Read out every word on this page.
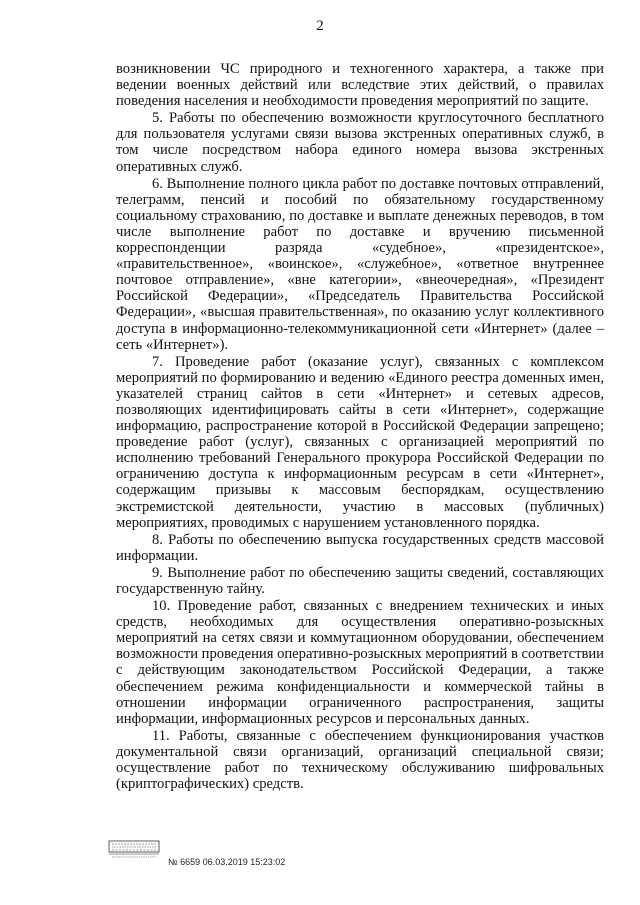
2

возникновении ЧС природного и техногенного характера, а также при ведении военных действий или вследствие этих действий, о правилах поведения населения и необходимости проведения мероприятий по защите.

5. Работы по обеспечению возможности круглосуточного бесплатного для пользователя услугами связи вызова экстренных оперативных служб, в том числе посредством набора единого номера вызова экстренных оперативных служб.

6. Выполнение полного цикла работ по доставке почтовых отправлений, телеграмм, пенсий и пособий по обязательному государственному социальному страхованию, по доставке и выплате денежных переводов, в том числе выполнение работ по доставке и вручению письменной корреспонденции разряда «судебное», «президентское», «правительственное», «воинское», «служебное», «ответное внутреннее почтовое отправление», «вне категории», «внеочередная», «Президент Российской Федерации», «Председатель Правительства Российской Федерации», «высшая правительственная», по оказанию услуг коллективного доступа в информационно-телекоммуникационной сети «Интернет» (далее – сеть «Интернет»).

7. Проведение работ (оказание услуг), связанных с комплексом мероприятий по формированию и ведению «Единого реестра доменных имен, указателей страниц сайтов в сети «Интернет» и сетевых адресов, позволяющих идентифицировать сайты в сети «Интернет», содержащие информацию, распространение которой в Российской Федерации запрещено; проведение работ (услуг), связанных с организацией мероприятий по исполнению требований Генерального прокурора Российской Федерации по ограничению доступа к информационным ресурсам в сети «Интернет», содержащим призывы к массовым беспорядкам, осуществлению экстремистской деятельности, участию в массовых (публичных) мероприятиях, проводимых с нарушением установленного порядка.

8. Работы по обеспечению выпуска государственных средств массовой информации.

9. Выполнение работ по обеспечению защиты сведений, составляющих государственную тайну.

10. Проведение работ, связанных с внедрением технических и иных средств, необходимых для осуществления оперативно-розыскных мероприятий на сетях связи и коммутационном оборудовании, обеспечением возможности проведения оперативно-розыскных мероприятий в соответствии с действующим законодательством Российской Федерации, а также обеспечением режима конфиденциальности и коммерческой тайны в отношении информации ограниченного распространения, защиты информации, информационных ресурсов и персональных данных.

11. Работы, связанные с обеспечением функционирования участков документальной связи организаций, организаций специальной связи; осуществление работ по техническому обслуживанию шифровальных (криптографических) средств.

№ 6659 06.03.2019 15:23:02
